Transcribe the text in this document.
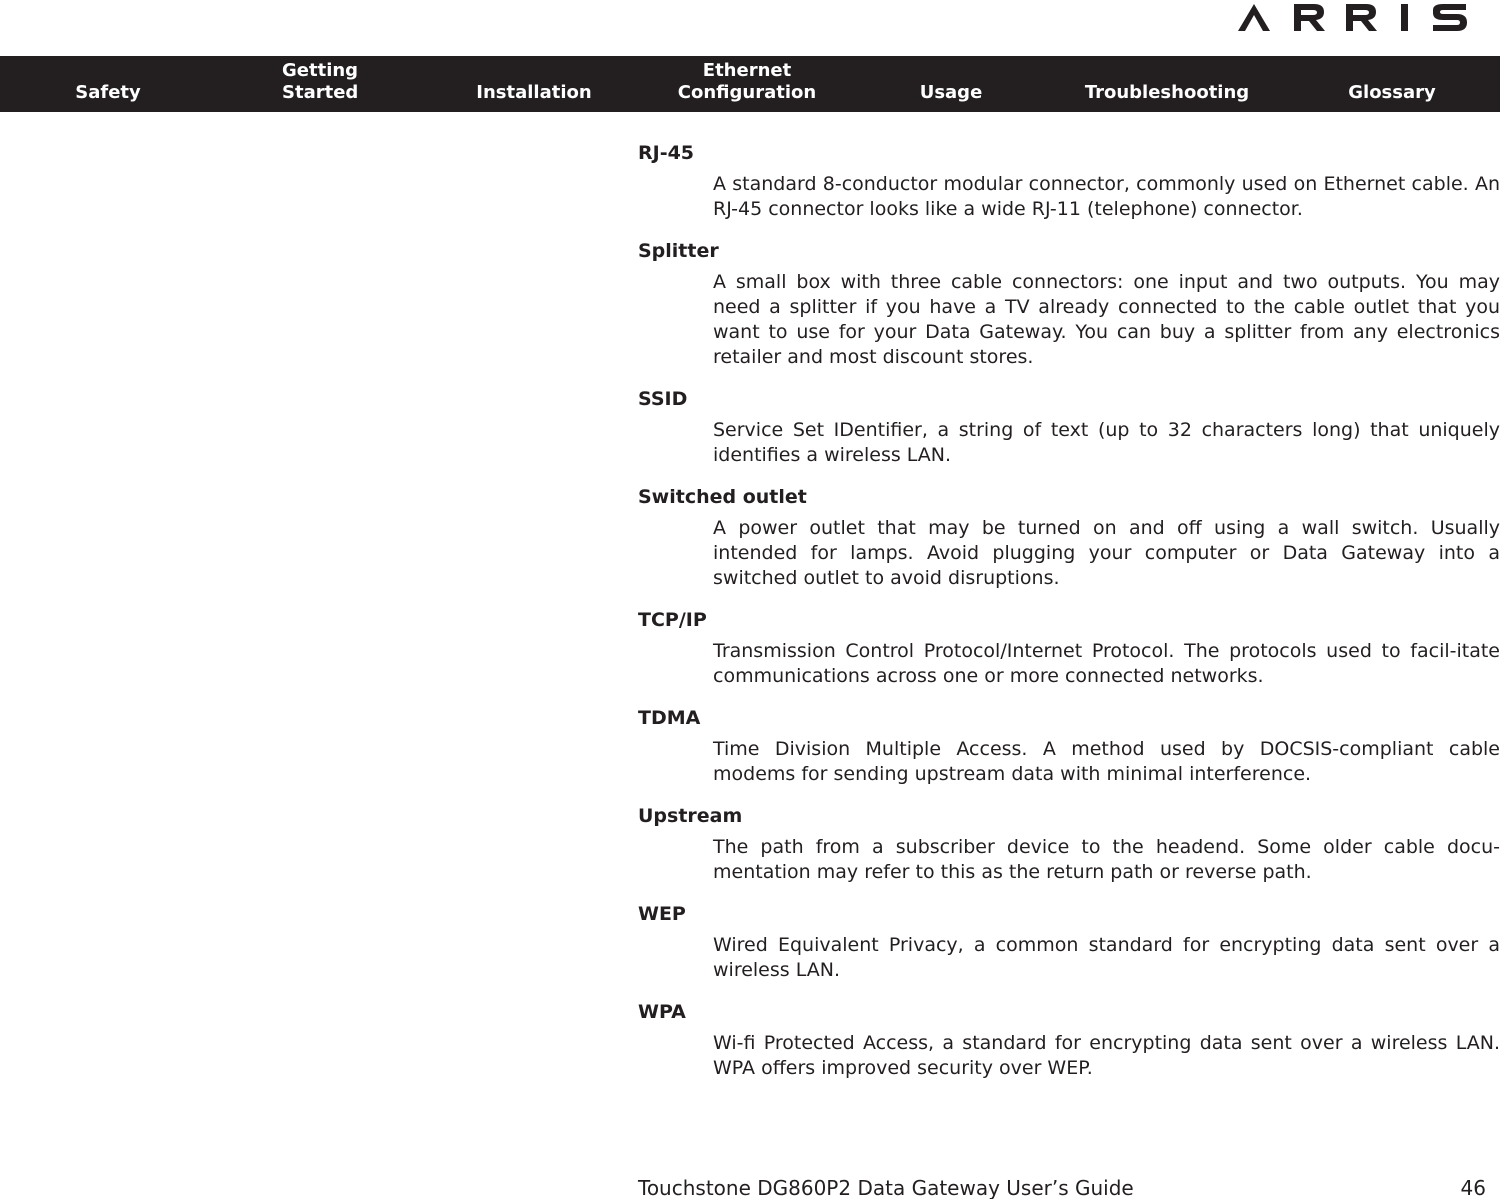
Safety
Getting
Started	Installation
Ethernet
Conﬁguration	Usage	Troubleshooting	Glossary
RJ-45
A standard 8-conductor modular connector, commonly used on Ethernet cable. An RJ-45 connector looks like a wide RJ-11 (telephone) connector.
Splitter
A small box with three cable connectors: one input and two outputs. You may need a splitter if you have a TV already connected to the cable outlet that you want to use for your Data Gateway. You can buy a splitter from any electronics retailer and most discount stores.
SSID
Service Set IDentiﬁer, a string of text (up to 32 characters long) that uniquely identiﬁes a wireless LAN.
Switched outlet
A power outlet that may be turned on and off using a wall switch. Usually intended for lamps. Avoid plugging your computer or Data Gateway into a switched outlet to avoid disruptions.
TCP/IP
Transmission Control Protocol/Internet Protocol. The protocols used to facil-itate communications across one or more connected networks.
TDMA
Time Division Multiple Access. A method used by DOCSIS-compliant cable modems for sending upstream data with minimal interference.
Upstream
The path from a subscriber device to the headend. Some older cable docu-mentation may refer to this as the return path or reverse path.
WEP
Wired Equivalent Privacy, a common standard for encrypting data sent over a wireless LAN.
WPA
Wi-ﬁ Protected Access, a standard for encrypting data sent over a wireless LAN. WPA offers improved security over WEP.
Touchstone DG860P2 Data Gateway User’s Guide	46
